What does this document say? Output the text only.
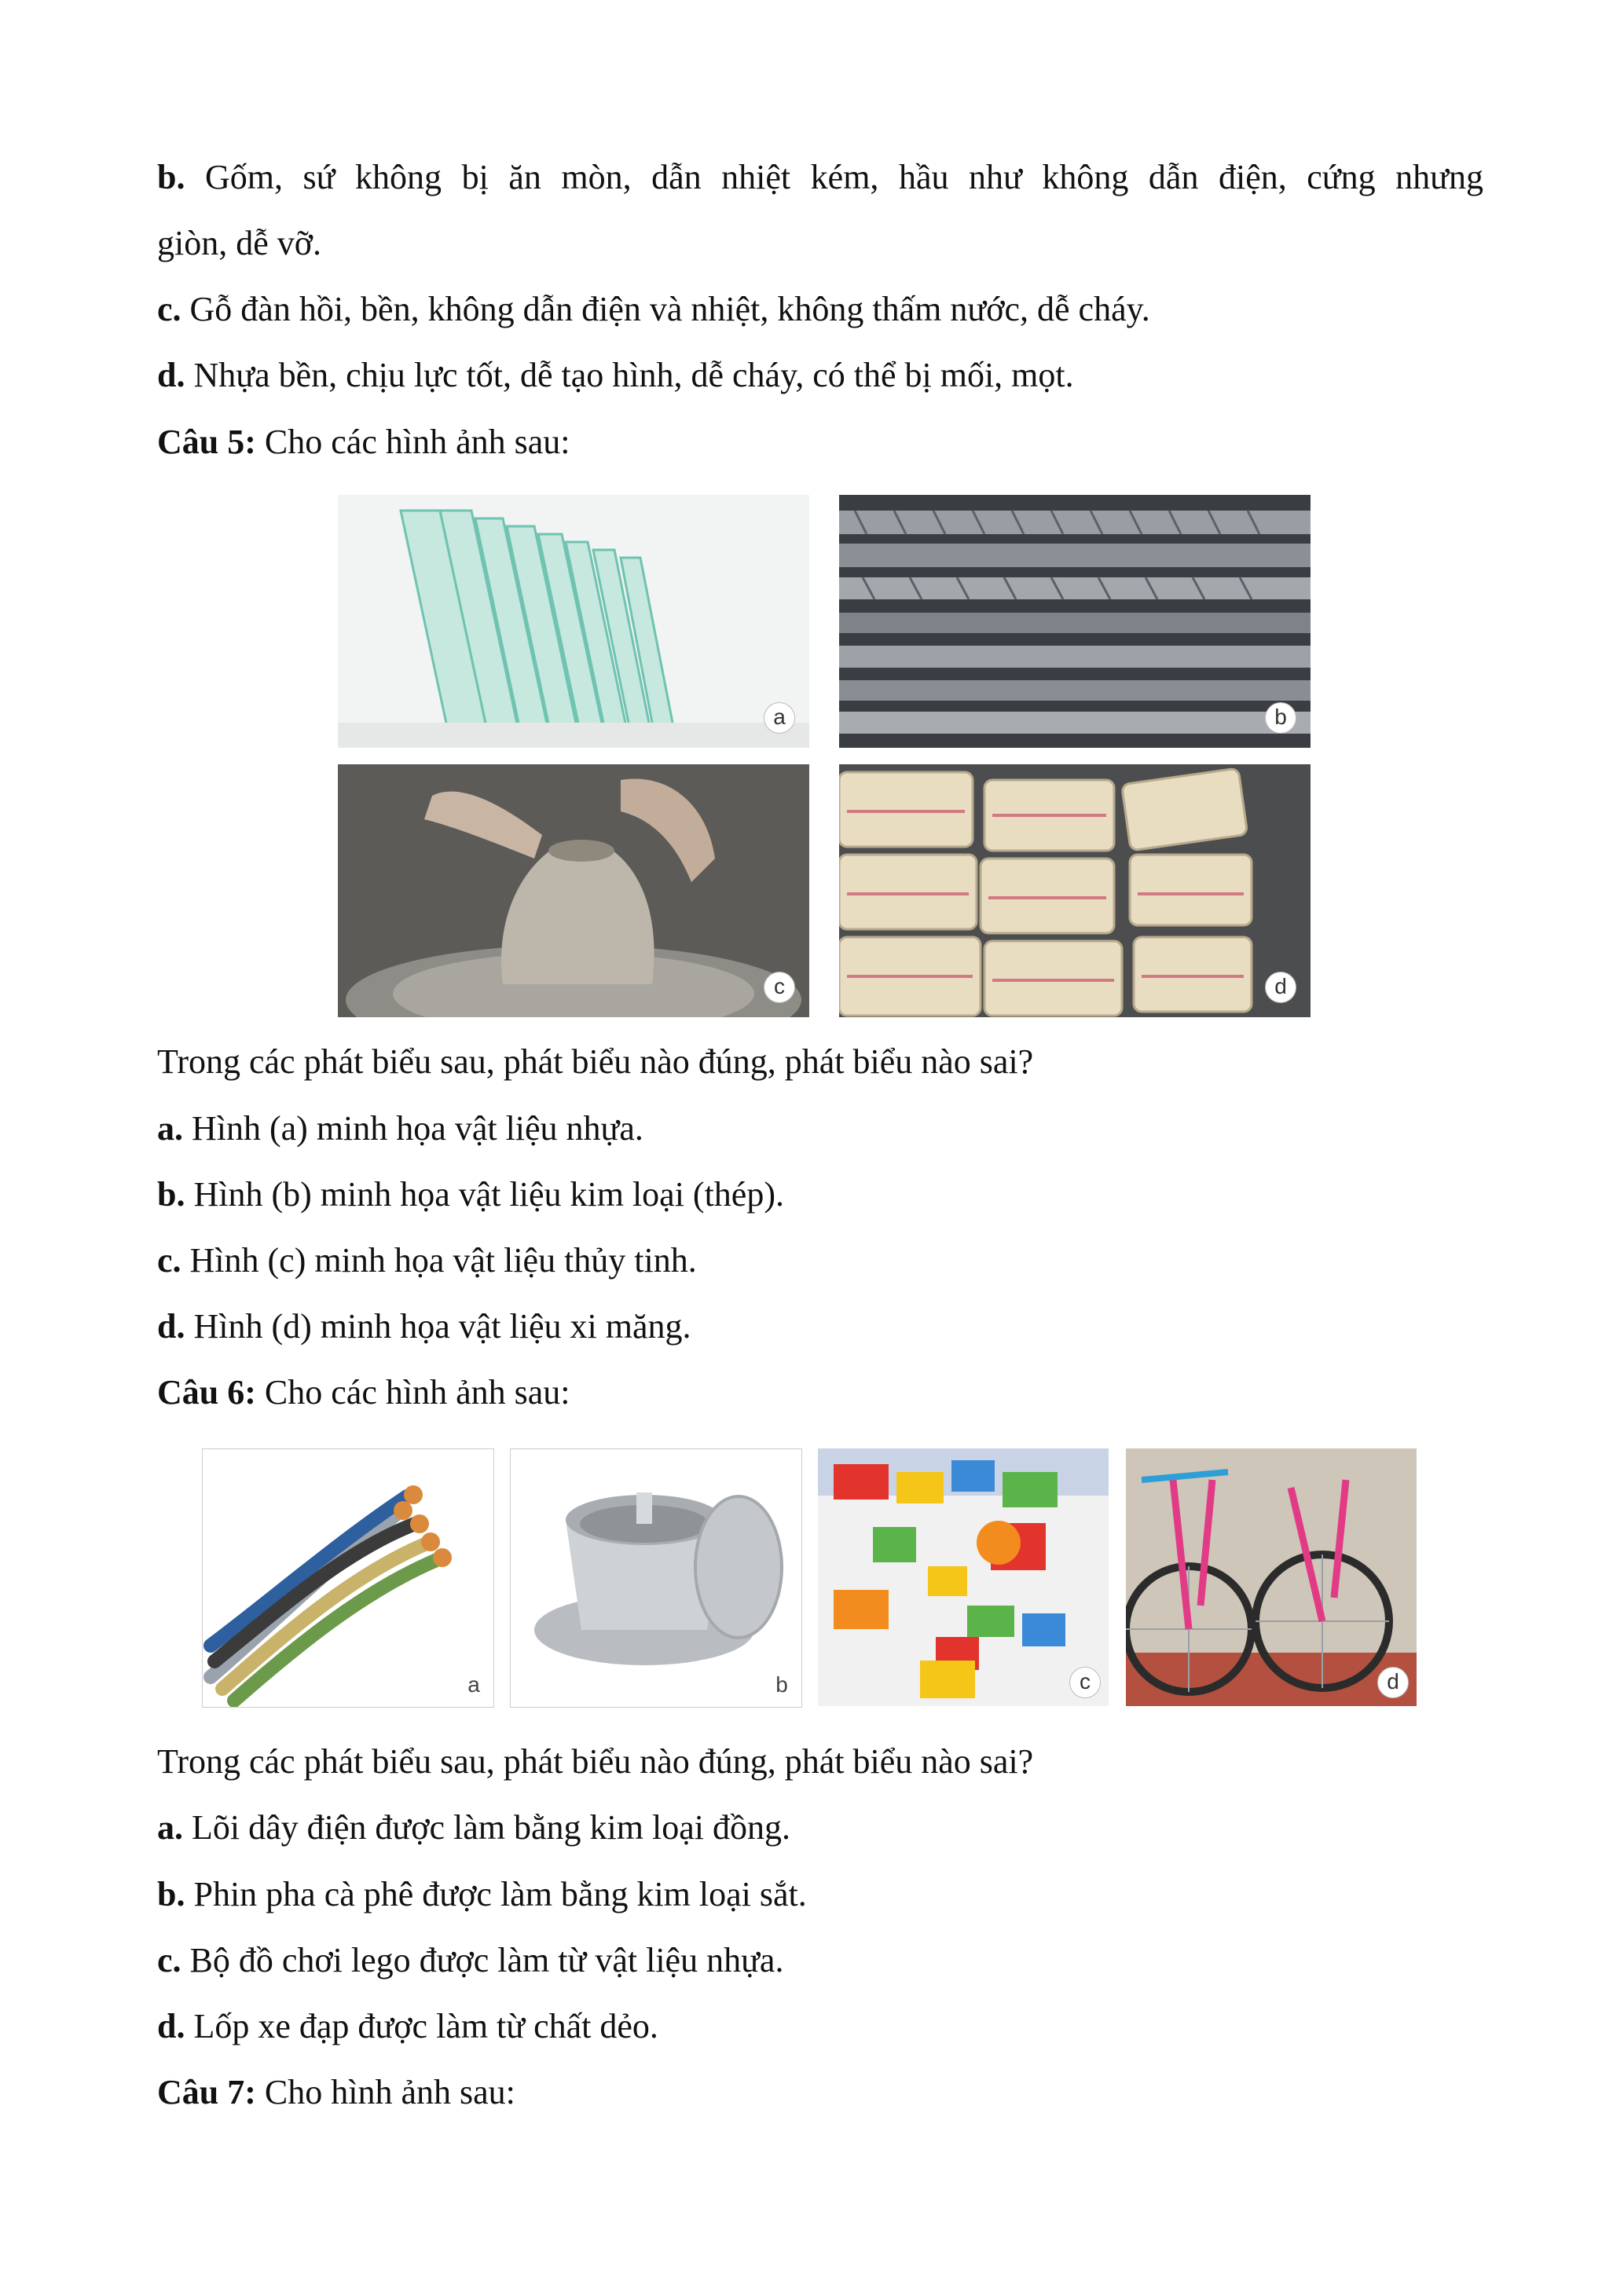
b. Gốm, sứ không bị ăn mòn, dẫn nhiệt kém, hầu như không dẫn điện, cứng nhưng
giòn, dễ vỡ.
c. Gỗ đàn hồi, bền, không dẫn điện và nhiệt, không thấm nước, dễ cháy.
d. Nhựa bền, chịu lực tốt, dễ tạo hình, dễ cháy, có thể bị mối, mọt.
Câu 5: Cho các hình ảnh sau:
a	b
c	d
Trong các phát biểu sau, phát biểu nào đúng, phát biểu nào sai?
a. Hình (a) minh họa vật liệu nhựa.
b. Hình (b) minh họa vật liệu kim loại (thép).
c. Hình (c) minh họa vật liệu thủy tinh.
d. Hình (d) minh họa vật liệu xi măng.
Câu 6: Cho các hình ảnh sau:
a	b	c	d
Trong các phát biểu sau, phát biểu nào đúng, phát biểu nào sai?
a. Lõi dây điện được làm bằng kim loại đồng.
b. Phin pha cà phê được làm bằng kim loại sắt.
c. Bộ đồ chơi lego được làm từ vật liệu nhựa.
d. Lốp xe đạp được làm từ chất dẻo.
Câu 7: Cho hình ảnh sau:
